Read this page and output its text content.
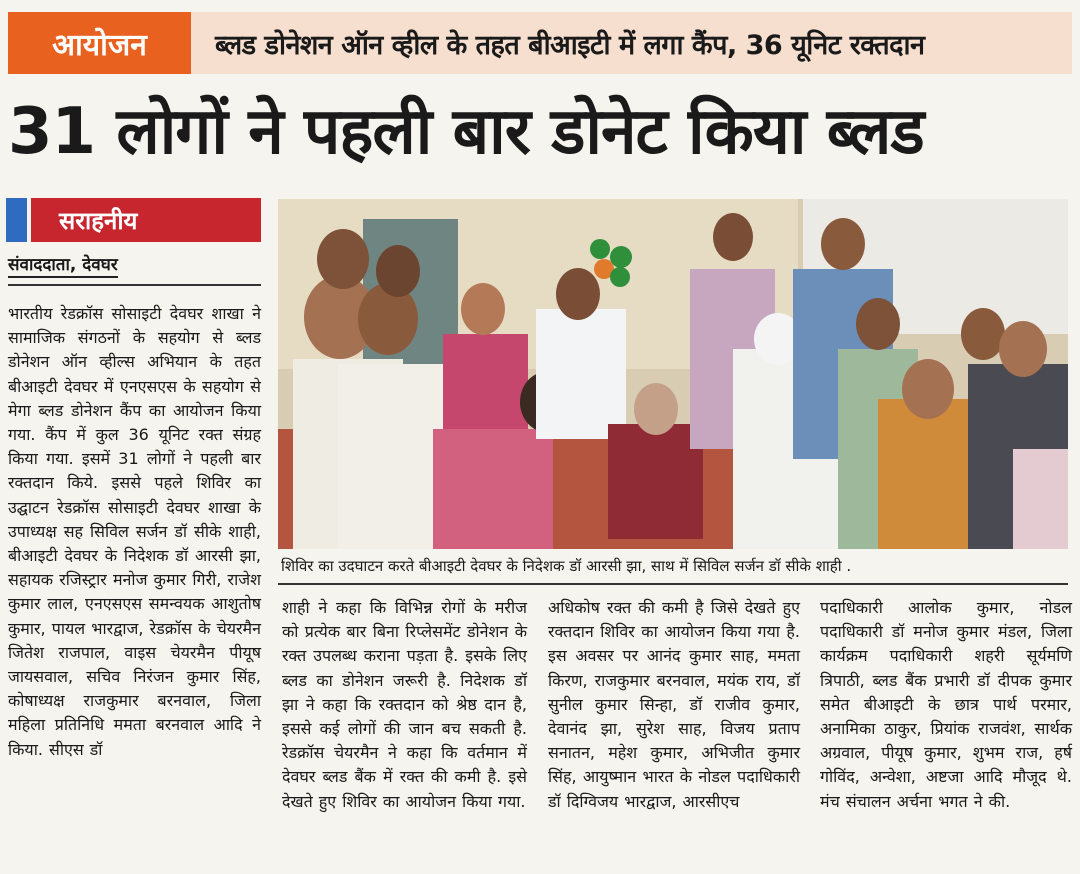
आयोजन	ब्लड डोनेशन ऑन व्हील के तहत बीआइटी में लगा कैंप, 36 यूनिट रक्तदान
31 लोगों ने पहली बार डोनेट किया ब्लड
सराहनीय
संवाददाता, देवघर
भारतीय रेडक्रॉस सोसाइटी देवघर शाखा ने सामाजिक संगठनों के सहयोग से ब्लड डोनेशन ऑन व्हील्स अभियान के तहत बीआइटी देवघर में एनएसएस के सहयोग से मेगा ब्लड डोनेशन कैंप का आयोजन किया गया. कैंप में कुल 36 यूनिट रक्त संग्रह किया गया. इसमें 31 लोगों ने पहली बार रक्तदान किये. इससे पहले शिविर का उद्घाटन रेडक्रॉस सोसाइटी देवघर शाखा के उपाध्यक्ष सह सिविल सर्जन डॉ सीके शाही, बीआइटी देवघर के निदेशक डॉ आरसी झा, सहायक रजिस्ट्रार मनोज कुमार गिरी, राजेश कुमार लाल, एनएसएस समन्वयक आशुतोष कुमार, पायल भारद्वाज, रेडक्रॉस के चेयरमैन जितेश राजपाल, वाइस चेयरमैन पीयूष जायसवाल, सचिव निरंजन कुमार सिंह, कोषाध्यक्ष राजकुमार बरनवाल, जिला महिला प्रतिनिधि ममता बरनवाल आदि ने किया. सीएस डॉ
शिविर का उदघाटन करते बीआइटी देवघर के निदेशक डॉ आरसी झा, साथ में सिविल सर्जन डॉ सीके शाही .
शाही ने कहा कि विभिन्न रोगों के मरीज को प्रत्येक बार बिना रिप्लेसमेंट डोनेशन के रक्त उपलब्ध कराना पड़ता है. इसके लिए ब्लड का डोनेशन जरूरी है. निदेशक डॉ झा ने कहा कि रक्तदान को श्रेष्ठ दान है, इससे कई लोगों की जान बच सकती है. रेडक्रॉस चेयरमैन ने कहा कि वर्तमान में देवघर ब्लड बैंक में रक्त की कमी है. इसे देखते हुए शिविर का आयोजन किया गया.
अधिकोष रक्त की कमी है जिसे देखते हुए रक्तदान शिविर का आयोजन किया गया है. इस अवसर पर आनंद कुमार साह, ममता किरण, राजकुमार बरनवाल, मयंक राय, डॉ सुनील कुमार सिन्हा, डॉ राजीव कुमार, देवानंद झा, सुरेश साह, विजय प्रताप सनातन, महेश कुमार, अभिजीत कुमार सिंह, आयुष्मान भारत के नोडल पदाधिकारी डॉ दिग्विजय भारद्वाज, आरसीएच
पदाधिकारी आलोक कुमार, नोडल पदाधिकारी डॉ मनोज कुमार मंडल, जिला कार्यक्रम पदाधिकारी शहरी सूर्यमणि त्रिपाठी, ब्लड बैंक प्रभारी डॉ दीपक कुमार समेत बीआइटी के छात्र पार्थ परमार, अनामिका ठाकुर, प्रियांक राजवंश, सार्थक अग्रवाल, पीयूष कुमार, शुभम राज, हर्ष गोविंद, अन्वेशा, अष्टजा आदि मौजूद थे. मंच संचालन अर्चना भगत ने की.
